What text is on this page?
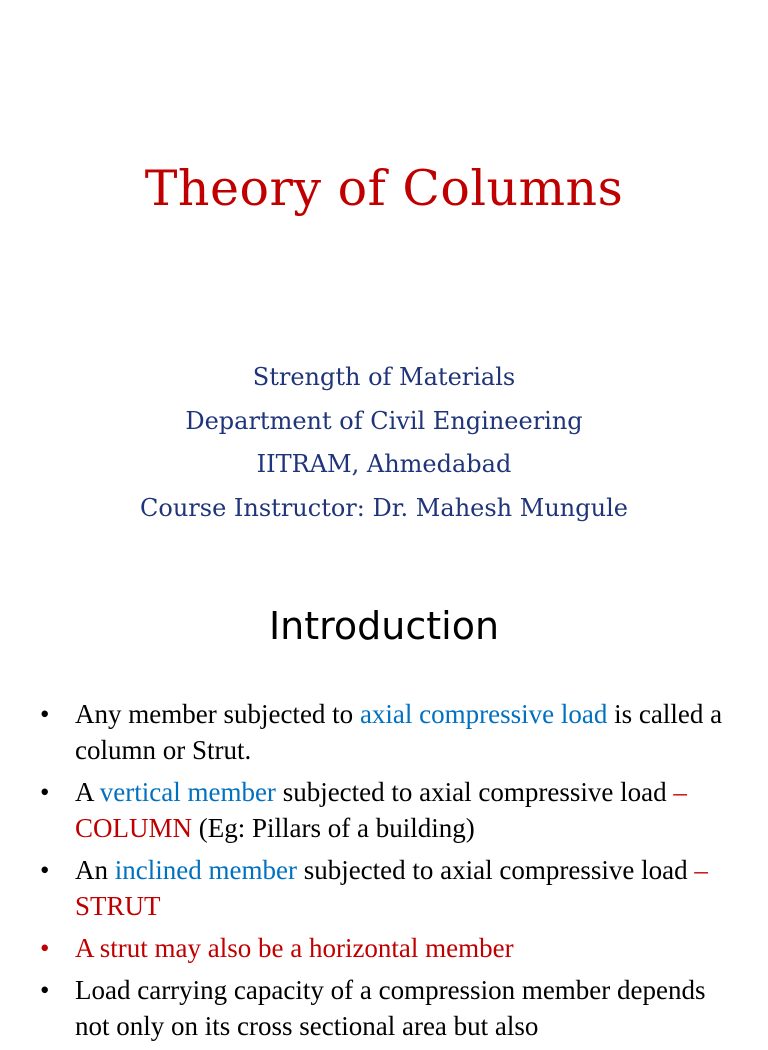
Theory of Columns
Strength of Materials
Department of Civil Engineering
IITRAM, Ahmedabad
Course Instructor: Dr. Mahesh Mungule
Introduction
• Any member subjected to axial compressive load is called a column or Strut.
• A vertical member subjected to axial compressive load –COLUMN (Eg: Pillars of a building)
• An inclined member subjected to axial compressive load –STRUT
• A strut may also be a horizontal member
• Load carrying capacity of a compression member depends not only on its cross sectional area but also
